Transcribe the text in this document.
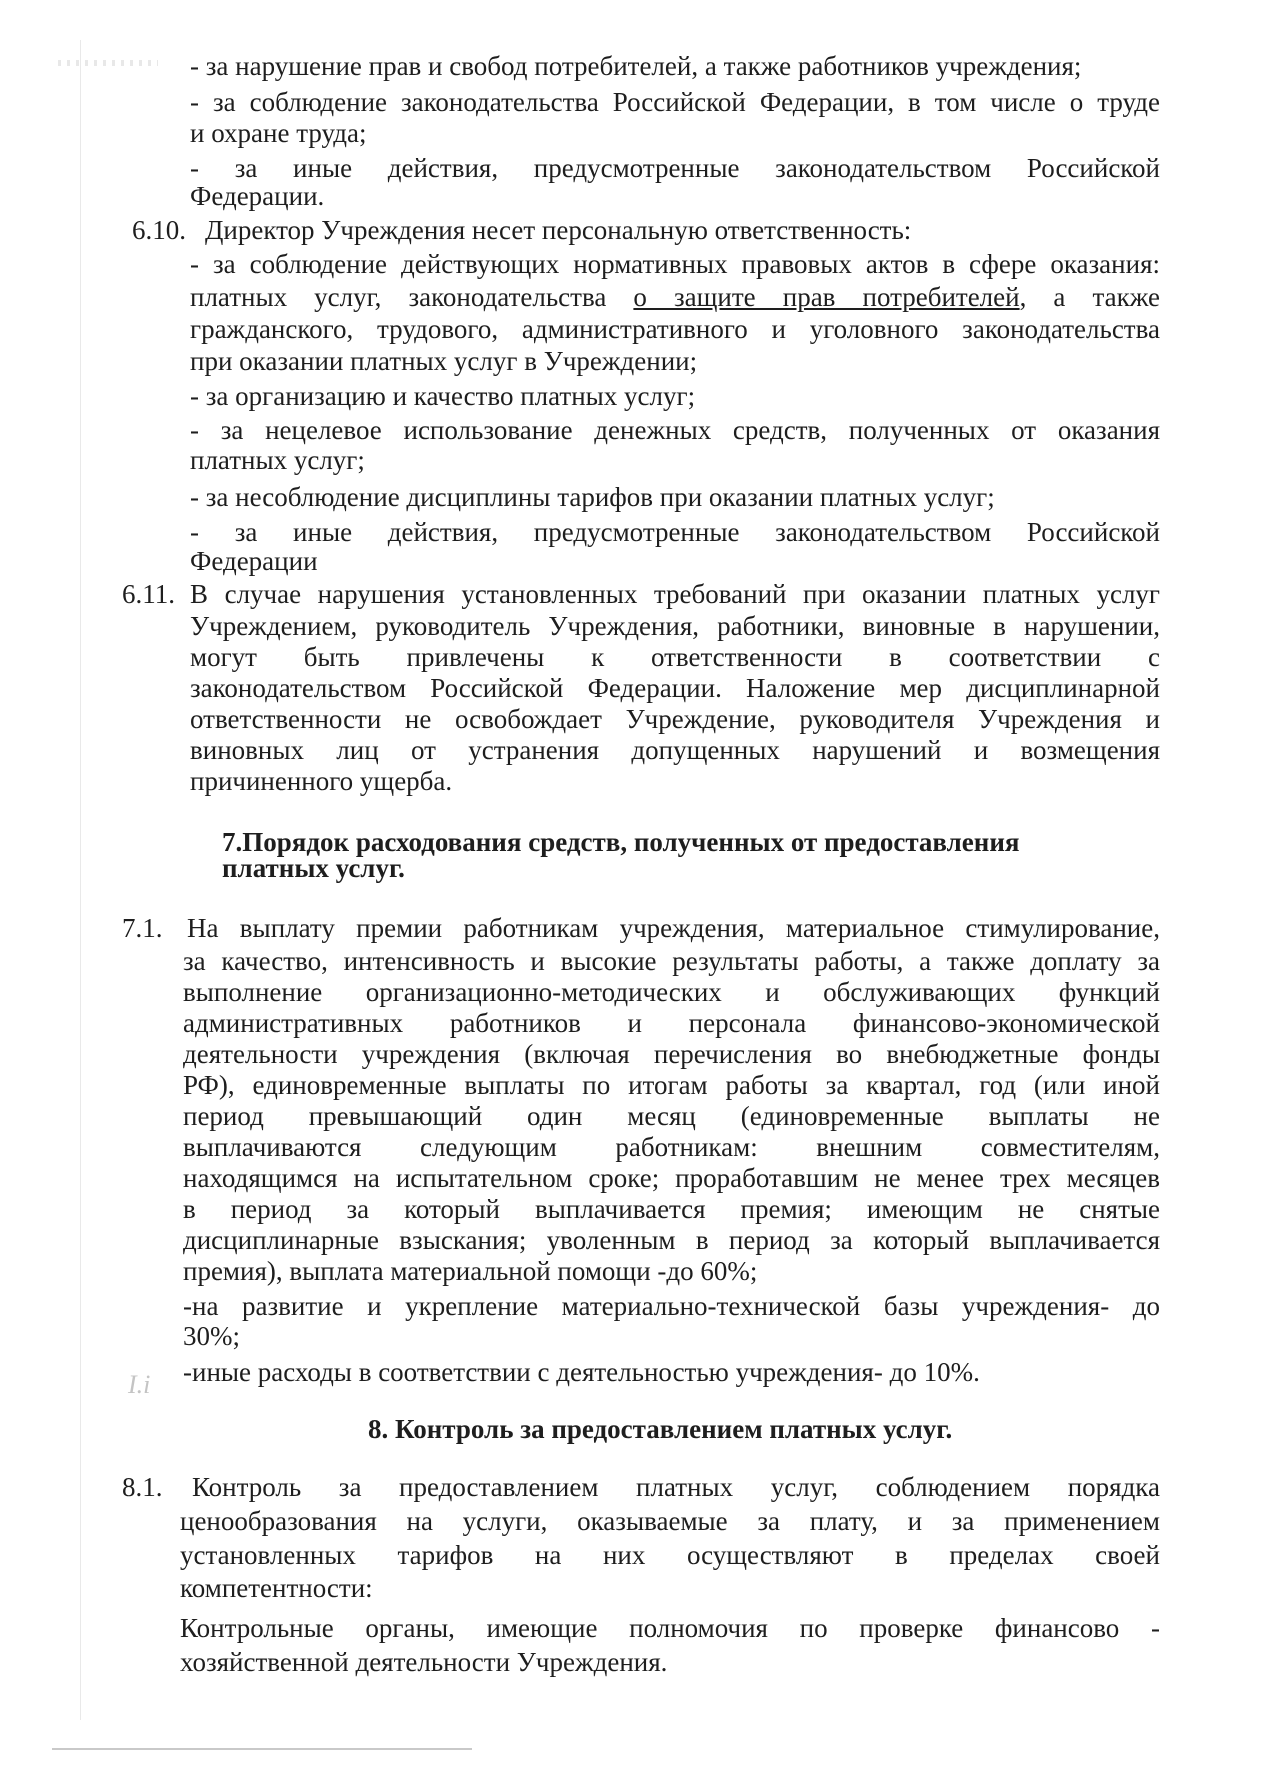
- за нарушение прав и свобод потребителей, а также работников учреждения;
- за соблюдение законодательства Российской Федерации, в том числе о труде
и охране труда;
- за иные действия, предусмотренные законодательством Российской
Федерации.
6.10. Директор Учреждения несет персональную ответственность:
- за соблюдение действующих нормативных правовых актов в сфере оказания:
платных услуг, законодательства о защите прав потребителей, а также
гражданского, трудового, административного и уголовного законодательства
при оказании платных услуг в Учреждении;
- за организацию и качество платных услуг;
- за нецелевое использование денежных средств, полученных от оказания
платных услуг;
- за несоблюдение дисциплины тарифов при оказании платных услуг;
- за иные действия, предусмотренные законодательством Российской
Федерации
6.11. В случае нарушения установленных требований при оказании платных услуг
Учреждением, руководитель Учреждения, работники, виновные в нарушении,
могут быть привлечены к ответственности в соответствии с
законодательством Российской Федерации. Наложение мер дисциплинарной
ответственности не освобождает Учреждение, руководителя Учреждения и
виновных лиц от устранения допущенных нарушений и возмещения
причиненного ущерба.
7.Порядок расходования средств, полученных от предоставления
платных услуг.
7.1. На выплату премии работникам учреждения, материальное стимулирование,
за качество, интенсивность и высокие результаты работы, а также доплату за
выполнение организационно-методических и обслуживающих функций
административных работников и персонала финансово-экономической
деятельности учреждения (включая перечисления во внебюджетные фонды
РФ), единовременные выплаты по итогам работы за квартал, год (или иной
период превышающий один месяц (единовременные выплаты не
выплачиваются следующим работникам: внешним совместителям,
находящимся на испытательном сроке; проработавшим не менее трех месяцев
в период за который выплачивается премия; имеющим не снятые
дисциплинарные взыскания; уволенным в период за который выплачивается
премия), выплата материальной помощи -до 60%;
-на развитие и укрепление материально-технической базы учреждения- до
30%;
-иные расходы в соответствии с деятельностью учреждения- до 10%.
I.i
8. Контроль за предоставлением платных услуг.
8.1. Контроль за предоставлением платных услуг, соблюдением порядка
ценообразования на услуги, оказываемые за плату, и за применением
установленных тарифов на них осуществляют в пределах своей
компетентности:
Контрольные органы, имеющие полномочия по проверке финансово -
хозяйственной деятельности Учреждения.
